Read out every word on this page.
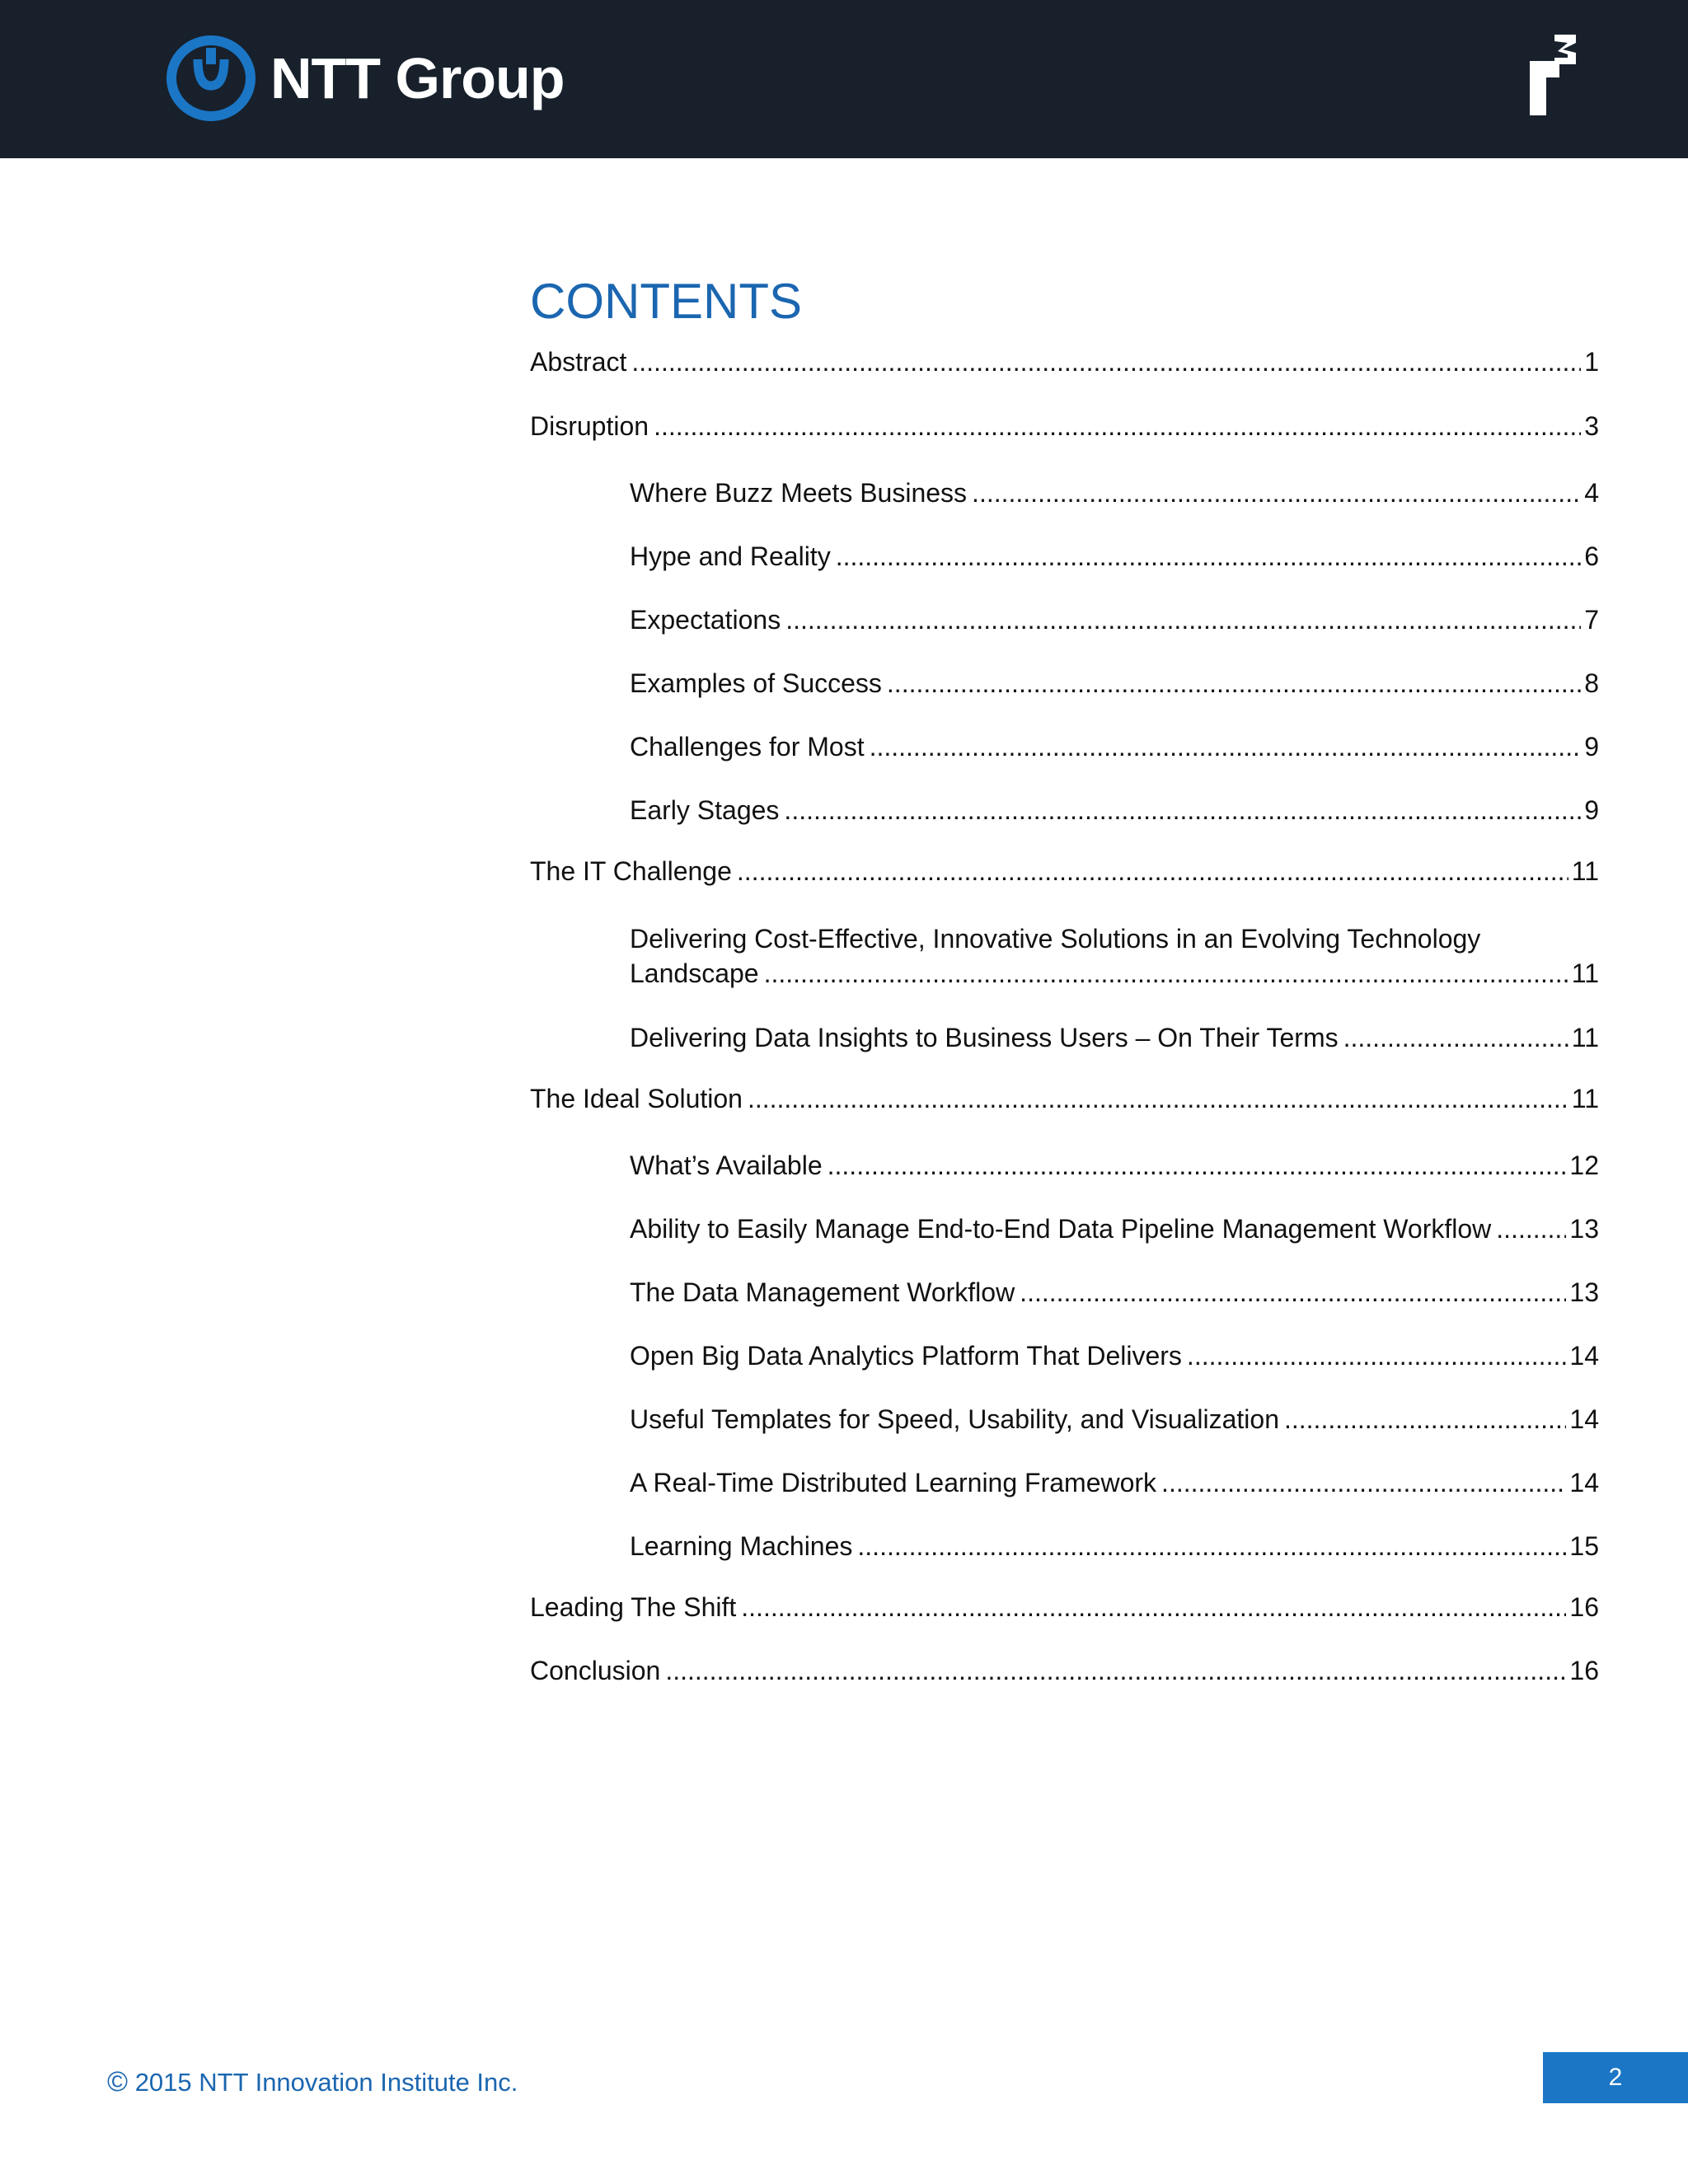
NTT Group
CONTENTS
Abstract .....	1
Disruption .....	3
Where Buzz Meets Business .....	4
Hype and Reality .....	6
Expectations .....	7
Examples of Success .....	8
Challenges for Most .....	9
Early Stages .....	9
The IT Challenge .....	11
Delivering Cost-Effective, Innovative Solutions in an Evolving Technology
Landscape .....	11
Delivering Data Insights to Business Users – On Their Terms .....	11
The Ideal Solution .....	11
What’s Available .....	12
Ability to Easily Manage End-to-End Data Pipeline Management Workflow .....	13
The Data Management Workflow .....	13
Open Big Data Analytics Platform That Delivers .....	14
Useful Templates for Speed, Usability, and Visualization .....	14
A Real-Time Distributed Learning Framework .....	14
Learning Machines .....	15
Leading The Shift .....	16
Conclusion .....	16
© 2015 NTT Innovation Institute Inc.	2
